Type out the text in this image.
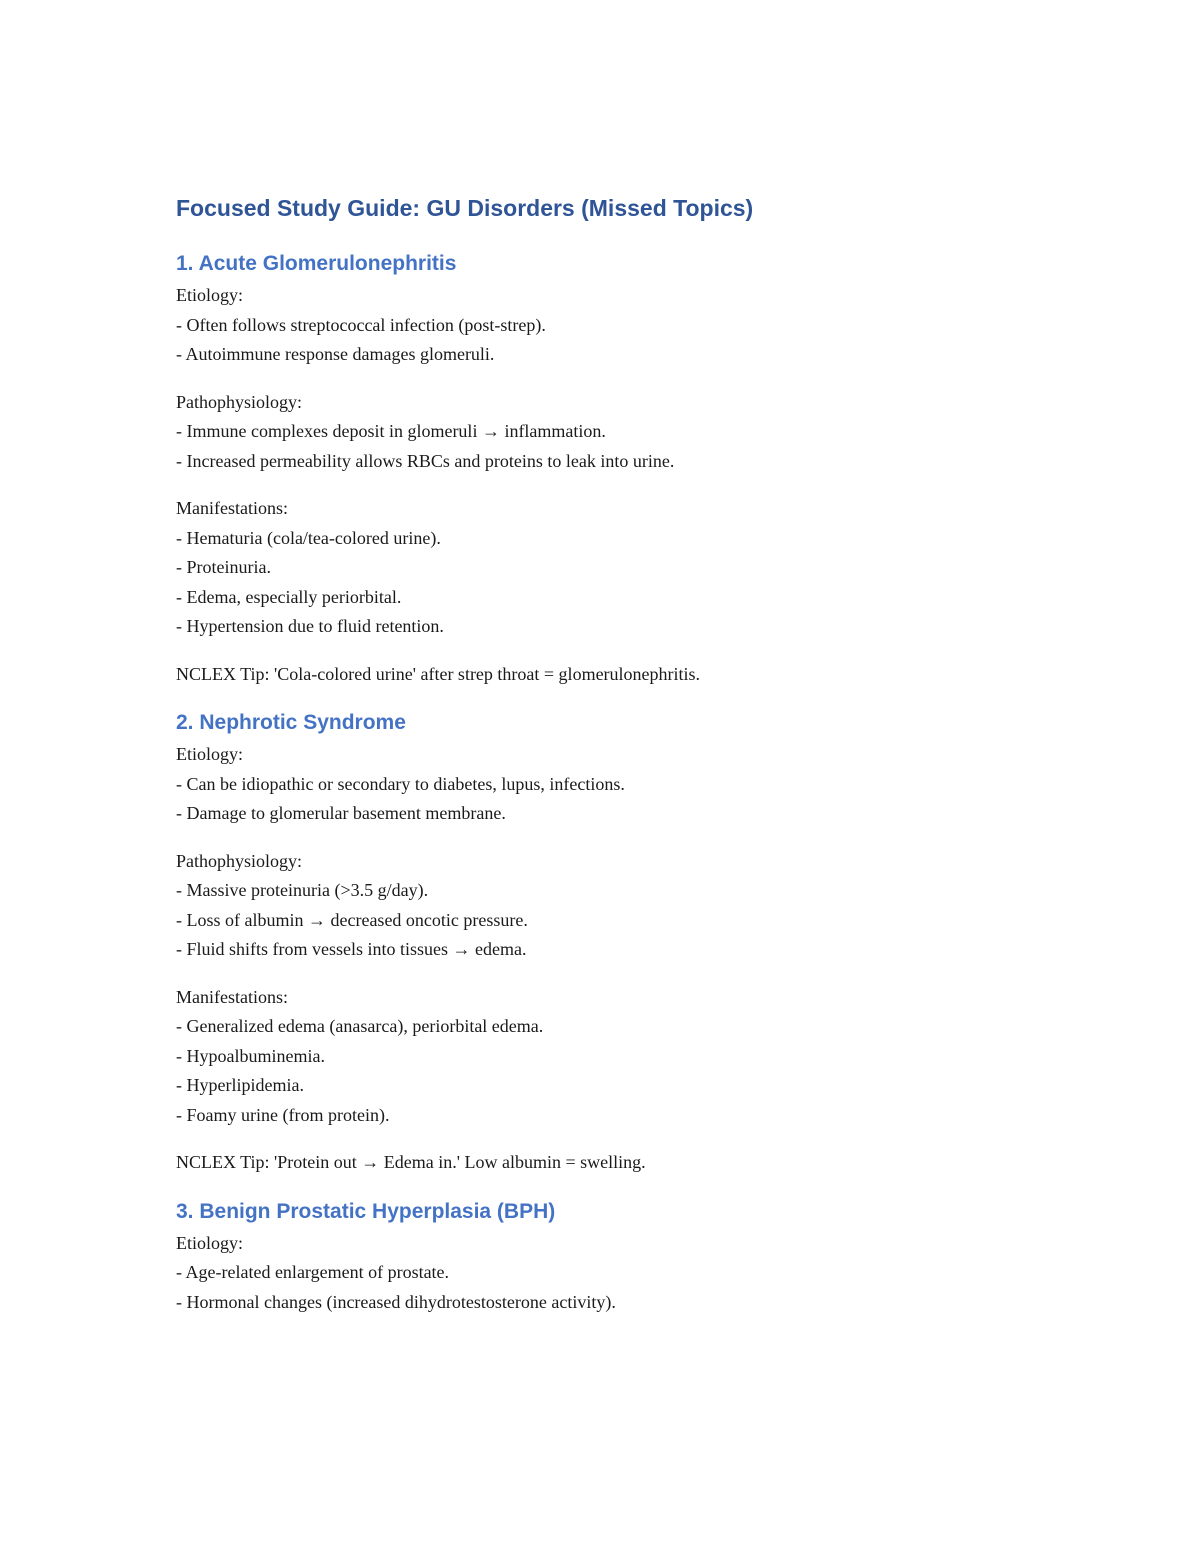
Focused Study Guide: GU Disorders (Missed Topics)
1. Acute Glomerulonephritis

Etiology:

- Often follows streptococcal infection (post-strep).

- Autoimmune response damages glomeruli.

Pathophysiology:

- Immune complexes deposit in glomeruli → inflammation.

- Increased permeability allows RBCs and proteins to leak into urine.

Manifestations:

- Hematuria (cola/tea-colored urine).

- Proteinuria.

- Edema, especially periorbital.

- Hypertension due to fluid retention.

NCLEX Tip: 'Cola-colored urine' after strep throat = glomerulonephritis.

2. Nephrotic Syndrome

Etiology:

- Can be idiopathic or secondary to diabetes, lupus, infections.

- Damage to glomerular basement membrane.

Pathophysiology:

- Massive proteinuria (>3.5 g/day).

- Loss of albumin → decreased oncotic pressure.

- Fluid shifts from vessels into tissues → edema.

Manifestations:

- Generalized edema (anasarca), periorbital edema.

- Hypoalbuminemia.

- Hyperlipidemia.

- Foamy urine (from protein).

NCLEX Tip: 'Protein out → Edema in.' Low albumin = swelling.

3. Benign Prostatic Hyperplasia (BPH)

Etiology:

- Age-related enlargement of prostate.

- Hormonal changes (increased dihydrotestosterone activity).
